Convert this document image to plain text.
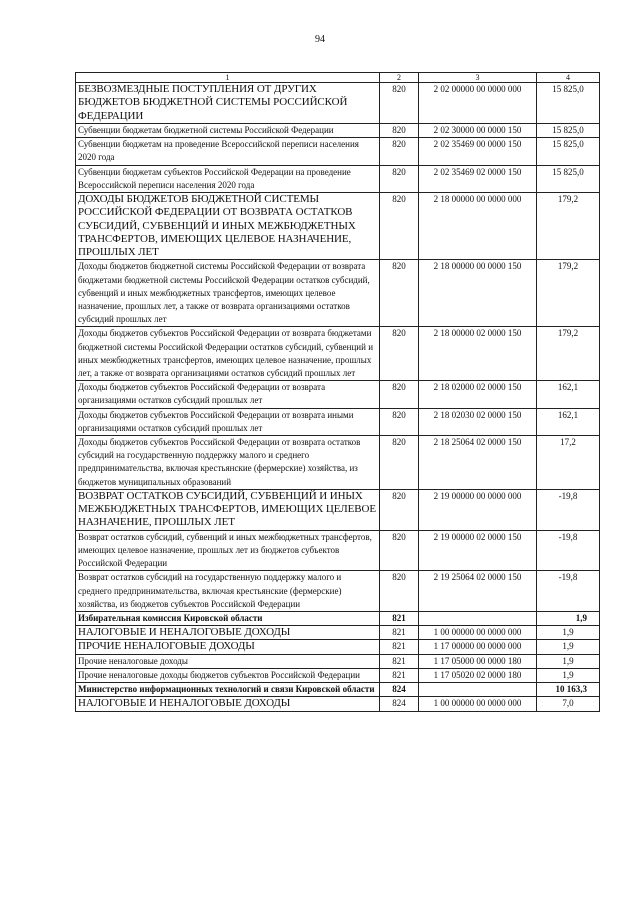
94
1	2	3	4
БЕЗВОЗМЕЗДНЫЕ ПОСТУПЛЕНИЯ ОТ ДРУГИХ БЮДЖЕТОВ БЮДЖЕТНОЙ СИСТЕМЫ РОССИЙСКОЙ ФЕДЕРАЦИИ	820	2 02 00000 00 0000 000	15 825,0
Субвенции бюджетам бюджетной системы Российской Федерации	820	2 02 30000 00 0000 150	15 825,0
Субвенции бюджетам на проведение Всероссийской переписи населения 2020 года	820	2 02 35469 00 0000 150	15 825,0
Субвенции бюджетам субъектов Российской Федерации на проведение Всероссийской переписи населения 2020 года	820	2 02 35469 02 0000 150	15 825,0
ДОХОДЫ БЮДЖЕТОВ БЮДЖЕТНОЙ СИСТЕМЫ РОССИЙСКОЙ ФЕДЕРАЦИИ ОТ ВОЗВРАТА ОСТАТКОВ СУБСИДИЙ, СУБВЕНЦИЙ И ИНЫХ МЕЖБЮДЖЕТНЫХ ТРАНСФЕРТОВ, ИМЕЮЩИХ ЦЕЛЕВОЕ НАЗНАЧЕНИЕ, ПРОШЛЫХ ЛЕТ	820	2 18 00000 00 0000 000	179,2
Доходы бюджетов бюджетной системы Российской Федерации от возврата бюджетами бюджетной системы Российской Федерации остатков субсидий, субвенций и иных межбюджетных трансфертов, имеющих целевое назначение, прошлых лет, а также от возврата организациями остатков субсидий прошлых лет	820	2 18 00000 00 0000 150	179,2
Доходы бюджетов субъектов Российской Федерации от возврата бюджетами бюджетной системы Российской Федерации остатков субсидий, субвенций и иных межбюджетных трансфертов, имеющих целевое назначение, прошлых лет, а также от возврата организациями остатков субсидий прошлых лет	820	2 18 00000 02 0000 150	179,2
Доходы бюджетов субъектов Российской Федерации от возврата организациями остатков субсидий прошлых лет	820	2 18 02000 02 0000 150	162,1
Доходы бюджетов субъектов Российской Федерации от возврата иными организациями остатков субсидий прошлых лет	820	2 18 02030 02 0000 150	162,1
Доходы бюджетов субъектов Российской Федерации от возврата остатков субсидий на государственную поддержку малого и среднего предпринимательства, включая крестьянские (фермерские) хозяйства, из бюджетов муниципальных образований	820	2 18 25064 02 0000 150	17,2
ВОЗВРАТ ОСТАТКОВ СУБСИДИЙ, СУБВЕНЦИЙ И ИНЫХ МЕЖБЮДЖЕТНЫХ ТРАНСФЕРТОВ, ИМЕЮЩИХ ЦЕЛЕВОЕ НАЗНАЧЕНИЕ, ПРОШЛЫХ ЛЕТ	820	2 19 00000 00 0000 000	-19,8
Возврат остатков субсидий, субвенций и иных межбюджетных трансфертов, имеющих целевое назначение, прошлых лет из бюджетов субъектов Российской Федерации	820	2 19 00000 02 0000 150	-19,8
Возврат остатков субсидий на государственную поддержку малого и среднего предпринимательства, включая крестьянские (фермерские) хозяйства, из бюджетов субъектов Российской Федерации	820	2 19 25064 02 0000 150	-19,8
Избирательная комиссия Кировской области	821		1,9
НАЛОГОВЫЕ И НЕНАЛОГОВЫЕ ДОХОДЫ	821	1 00 00000 00 0000 000	1,9
ПРОЧИЕ НЕНАЛОГОВЫЕ ДОХОДЫ	821	1 17 00000 00 0000 000	1,9
Прочие неналоговые доходы	821	1 17 05000 00 0000 180	1,9
Прочие неналоговые доходы бюджетов субъектов Российской Федерации	821	1 17 05020 02 0000 180	1,9
Министерство информационных технологий и связи Кировской области	824		10 163,3
НАЛОГОВЫЕ И НЕНАЛОГОВЫЕ ДОХОДЫ	824	1 00 00000 00 0000 000	7,0
